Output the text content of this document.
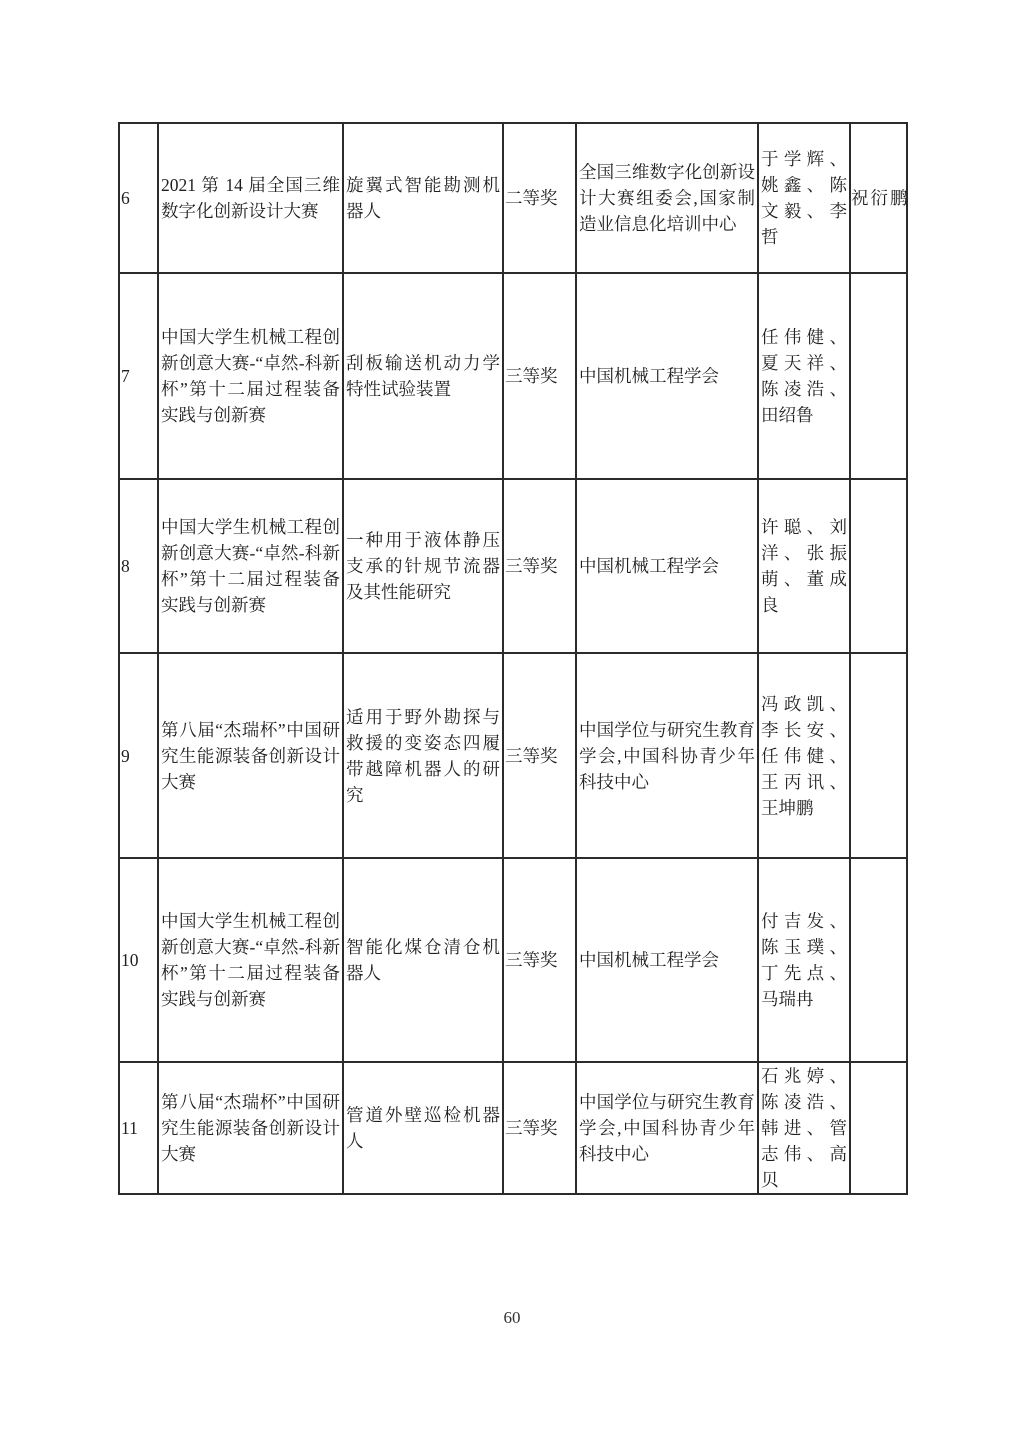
6	2021 第 14 届全国三维数字化创新设计大赛	旋翼式智能勘测机器人	二等奖	全国三维数字化创新设计大赛组委会,国家制造业信息化培训中心	于学辉、姚鑫、陈文毅、李哲	祝衍鹏
7	中国大学生机械工程创新创意大赛-“卓然-科新杯”第十二届过程装备实践与创新赛	刮板输送机动力学特性试验装置	三等奖	中国机械工程学会	任伟健、夏天祥、陈凌浩、田绍鲁	
8	中国大学生机械工程创新创意大赛-“卓然-科新杯”第十二届过程装备实践与创新赛	一种用于液体静压支承的针规节流器及其性能研究	三等奖	中国机械工程学会	许聪、刘洋、张振萌、董成良	
9	第八届“杰瑞杯”中国研究生能源装备创新设计大赛	适用于野外勘探与救援的变姿态四履带越障机器人的研究	三等奖	中国学位与研究生教育学会,中国科协青少年科技中心	冯政凯、李长安、任伟健、王丙讯、王坤鹏	
10	中国大学生机械工程创新创意大赛-“卓然-科新杯”第十二届过程装备实践与创新赛	智能化煤仓清仓机器人	三等奖	中国机械工程学会	付吉发、陈玉璞、丁先点、马瑞冉	
11	第八届“杰瑞杯”中国研究生能源装备创新设计大赛	管道外壁巡检机器人	三等奖	中国学位与研究生教育学会,中国科协青少年科技中心	石兆婷、陈凌浩、韩进、管志伟、高贝	
60
